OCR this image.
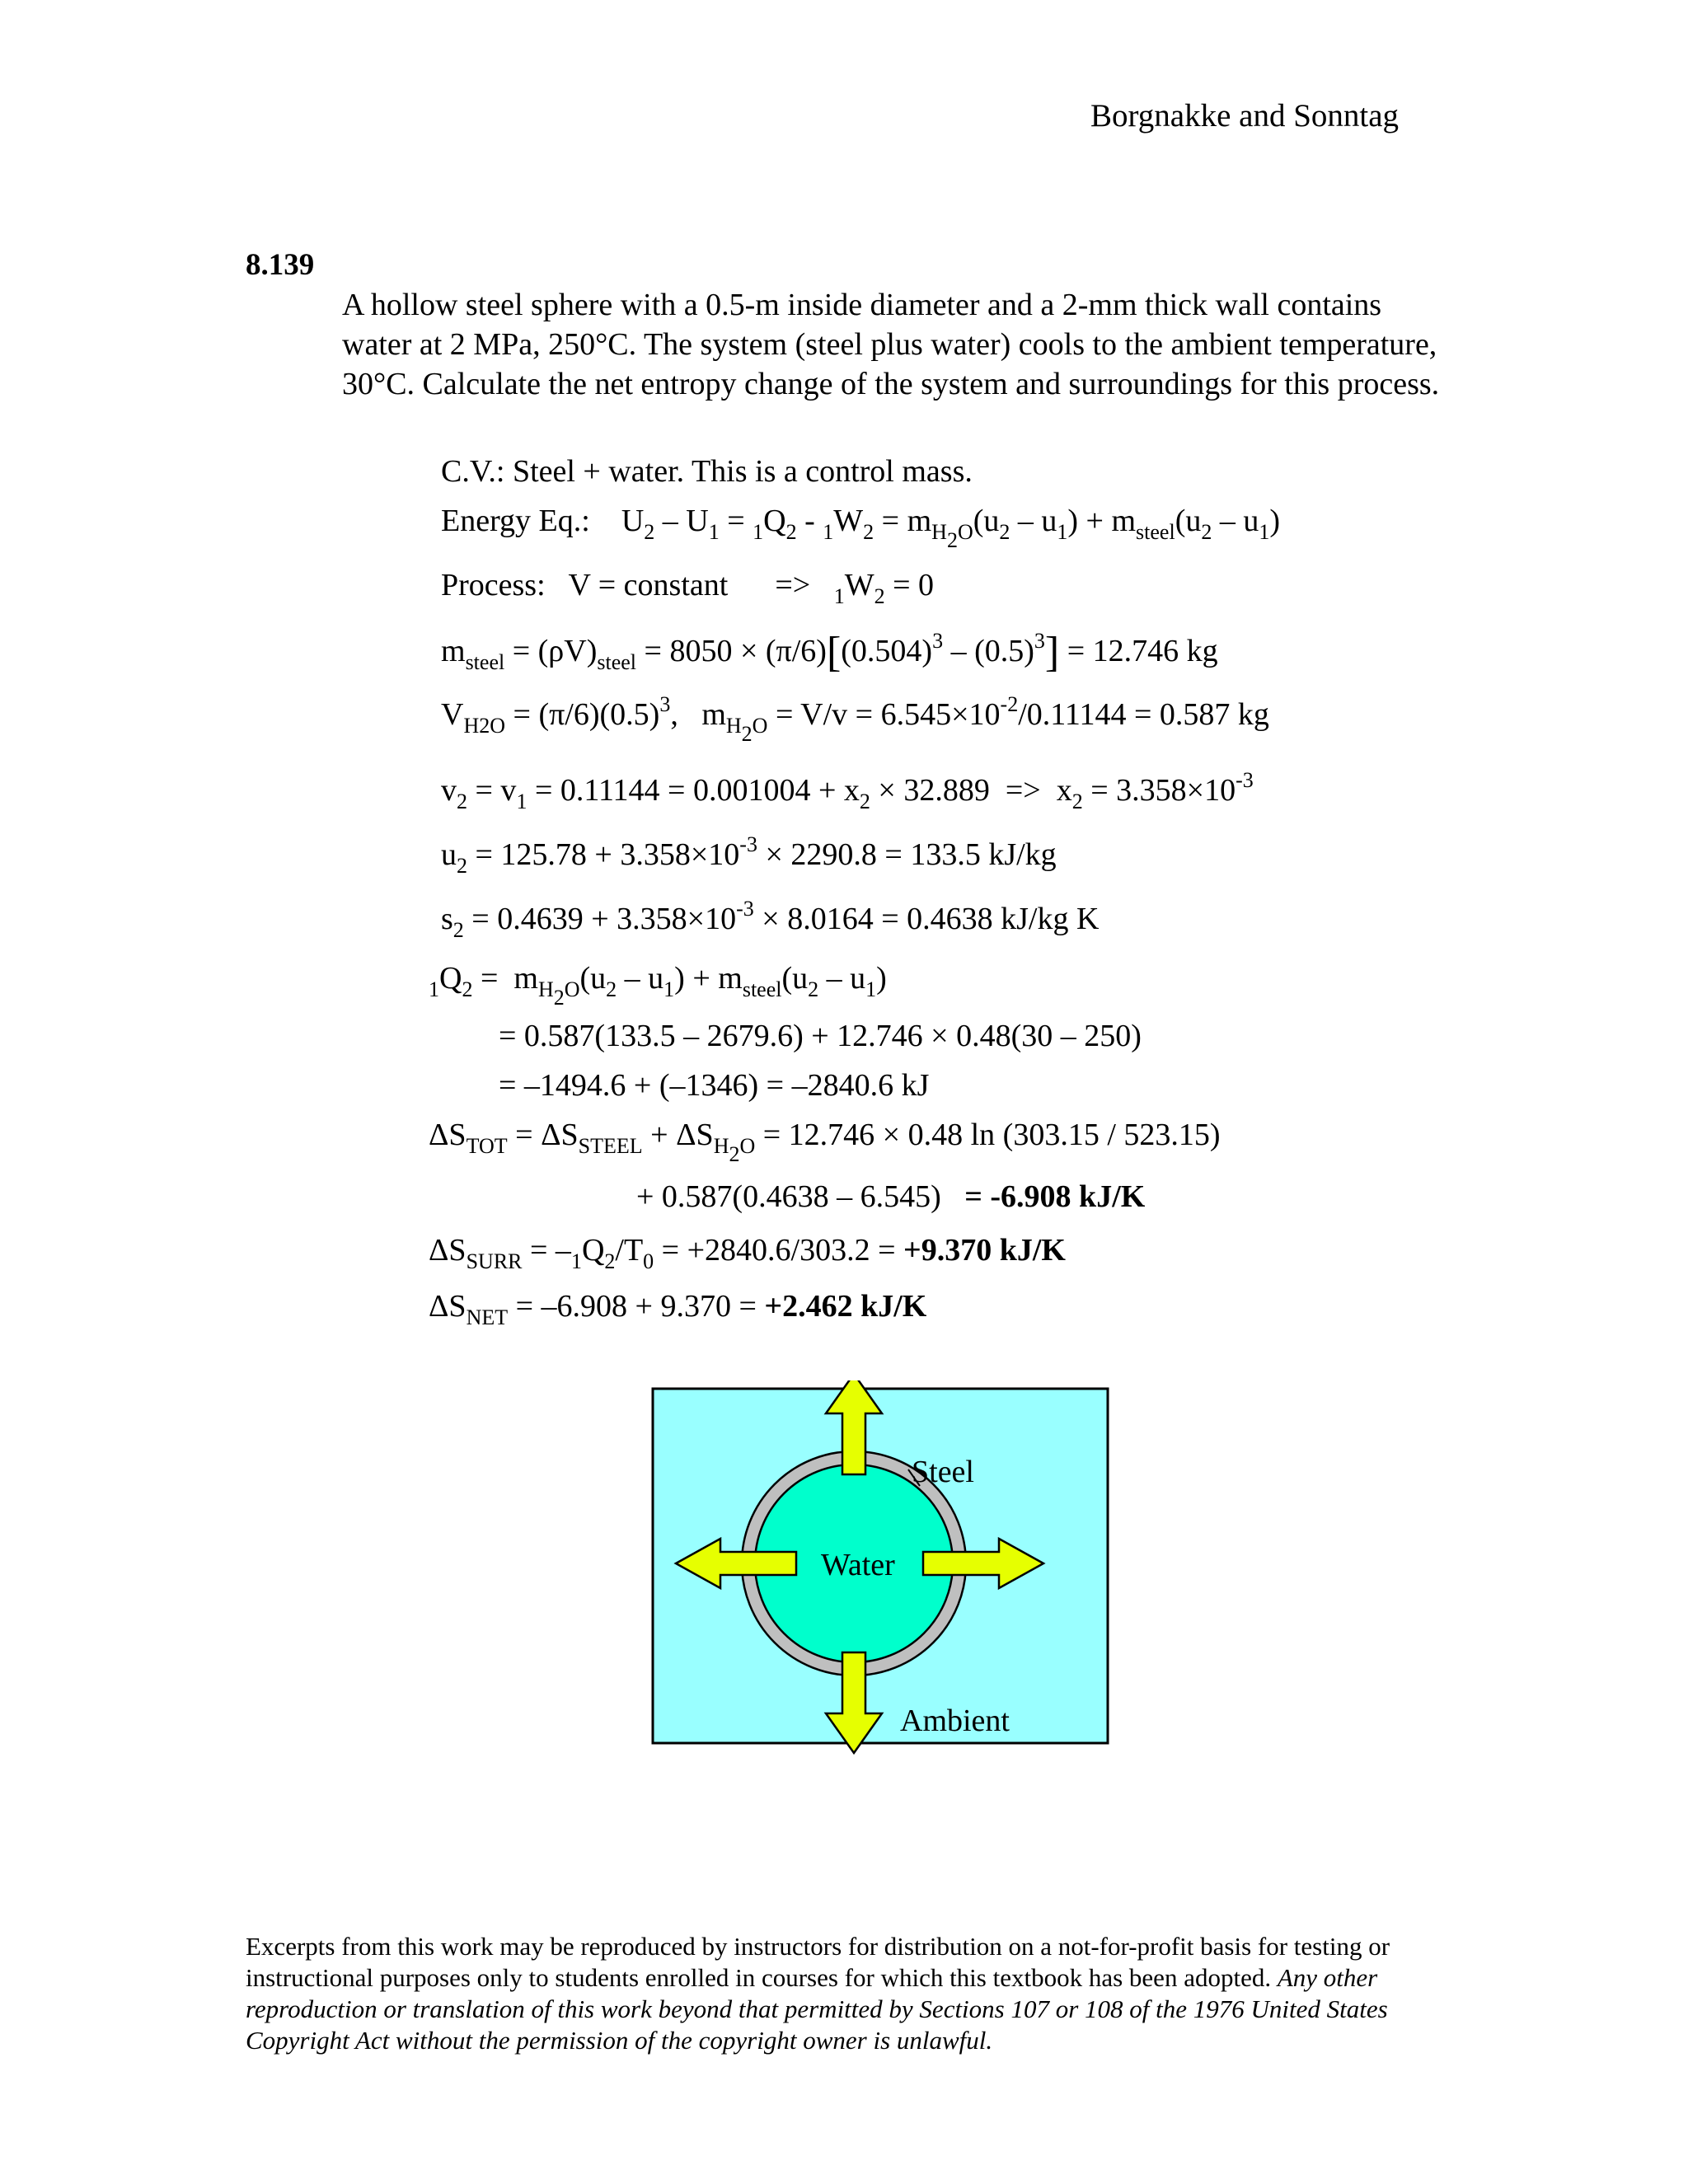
Borgnakke and Sonntag
8.139
A hollow steel sphere with a 0.5-m inside diameter and a 2-mm thick wall contains water at 2 MPa, 250°C. The system (steel plus water) cools to the ambient temperature, 30°C. Calculate the net entropy change of the system and surroundings for this process.
C.V.: Steel + water. This is a control mass.
Energy Eq.: $U_2 - U_1 = _1Q_2 - _1W_2 = m_{H_2O}(u_2 - u_1) + m_{steel}(u_2 - u_1)$
Process: V = constant => $_1W_2 = 0$
$m_{steel} = (\rho V)_{steel} = 8050 \times (\pi/6)[(0.504)^3 - (0.5)^3] = 12.746$ kg
$V_{H2O} = (\pi/6)(0.5)^3$,   $m_{H_2O} = V/v = 6.545\times 10^{-2}/0.11144 = 0.587$ kg
$v_2 = v_1 = 0.11144 = 0.001004 + x_2 \times 32.889 => x_2 = 3.358\times 10^{-3}$
$u_2 = 125.78 + 3.358\times 10^{-3} \times 2290.8 = 133.5$ kJ/kg
$s_2 = 0.4639 + 3.358\times 10^{-3} \times 8.0164 = 0.4638$ kJ/kg K
$_1Q_2 = m_{H_2O}(u_2 - u_1) + m_{steel}(u_2 - u_1)$
= 0.587(133.5 – 2679.6) + 12.746 × 0.48(30 – 250)
= –1494.6 + (–1346) = –2840.6 kJ
$\Delta S_{TOT} = \Delta S_{STEEL} + \Delta S_{H_2O} = 12.746 \times 0.48$ ln (303.15 / 523.15)
+ 0.587(0.4638 – 6.545) = -6.908 kJ/K
$\Delta S_{SURR} = -_1Q_2/T_0 = +2840.6/303.2 = +9.370$ kJ/K
$\Delta S_{NET} = -6.908 + 9.370 = +2.462$ kJ/K
Steel
Water
Ambient
Excerpts from this work may be reproduced by instructors for distribution on a not-for-profit basis for testing or instructional purposes only to students enrolled in courses for which this textbook has been adopted. Any other reproduction or translation of this work beyond that permitted by Sections 107 or 108 of the 1976 United States Copyright Act without the permission of the copyright owner is unlawful.
